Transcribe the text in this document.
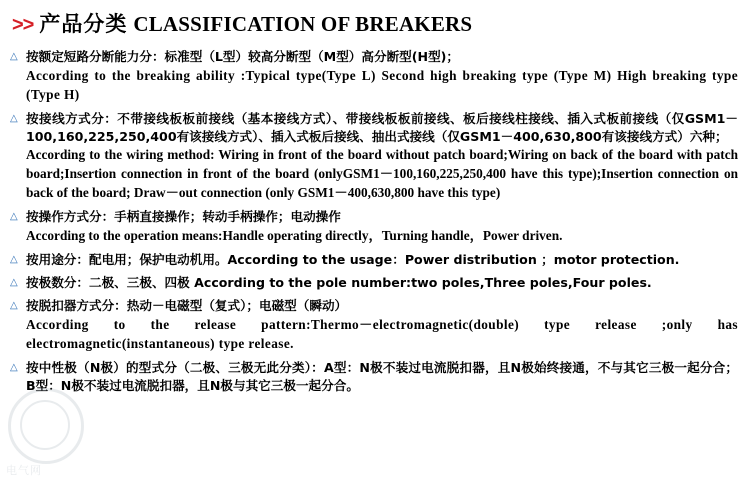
>> 产品分类 CLASSIFICATION OF BREAKERS
△ 按额定短路分断能力分：标准型（L型）较高分断型（M型）高分断型(H型)；
According to the breaking ability :Typical type(Type L) Second high breaking type (Type M) High breaking type (Type H)
△ 按接线方式分：不带接线板板前接线（基本接线方式）、带接线板板前接线、板后接线柱接线、插入式板前接线（仅GSM1－100,160,225,250,400有该接线方式）、插入式板后接线、抽出式接线（仅GSM1－400,630,800有该接线方式）六种；
According to the wiring method: Wiring in front of the board without patch board;Wiring on back of the board with patch board;Insertion connection in front of the board (onlyGSM1－100,160,225,250,400 have this type);Insertion connection on back of the board; Draw－out connection (only GSM1－400,630,800 have this type)
△ 按操作方式分：手柄直接操作；转动手柄操作；电动操作
According to the operation means:Handle operating directly，Turning handle，Power driven.
△ 按用途分：配电用；保护电动机用。According to the usage：Power distribution ；motor protection.
△ 按极数分：二极、三极、四极 According to the pole number:two poles,Three poles,Four poles.
△ 按脱扣器方式分：热动－电磁型（复式）；电磁型（瞬动）
According to the release pattern:Thermo－electromagnetic(double) type release ;only has electromagnetic(instantaneous) type release.
△ 按中性极（N极）的型式分（二极、三极无此分类）：A型：N极不装过电流脱扣器，且N极始终接通，不与其它三极一起分合；B型：N极不装过电流脱扣器，且N极与其它三极一起分合。
电气网
